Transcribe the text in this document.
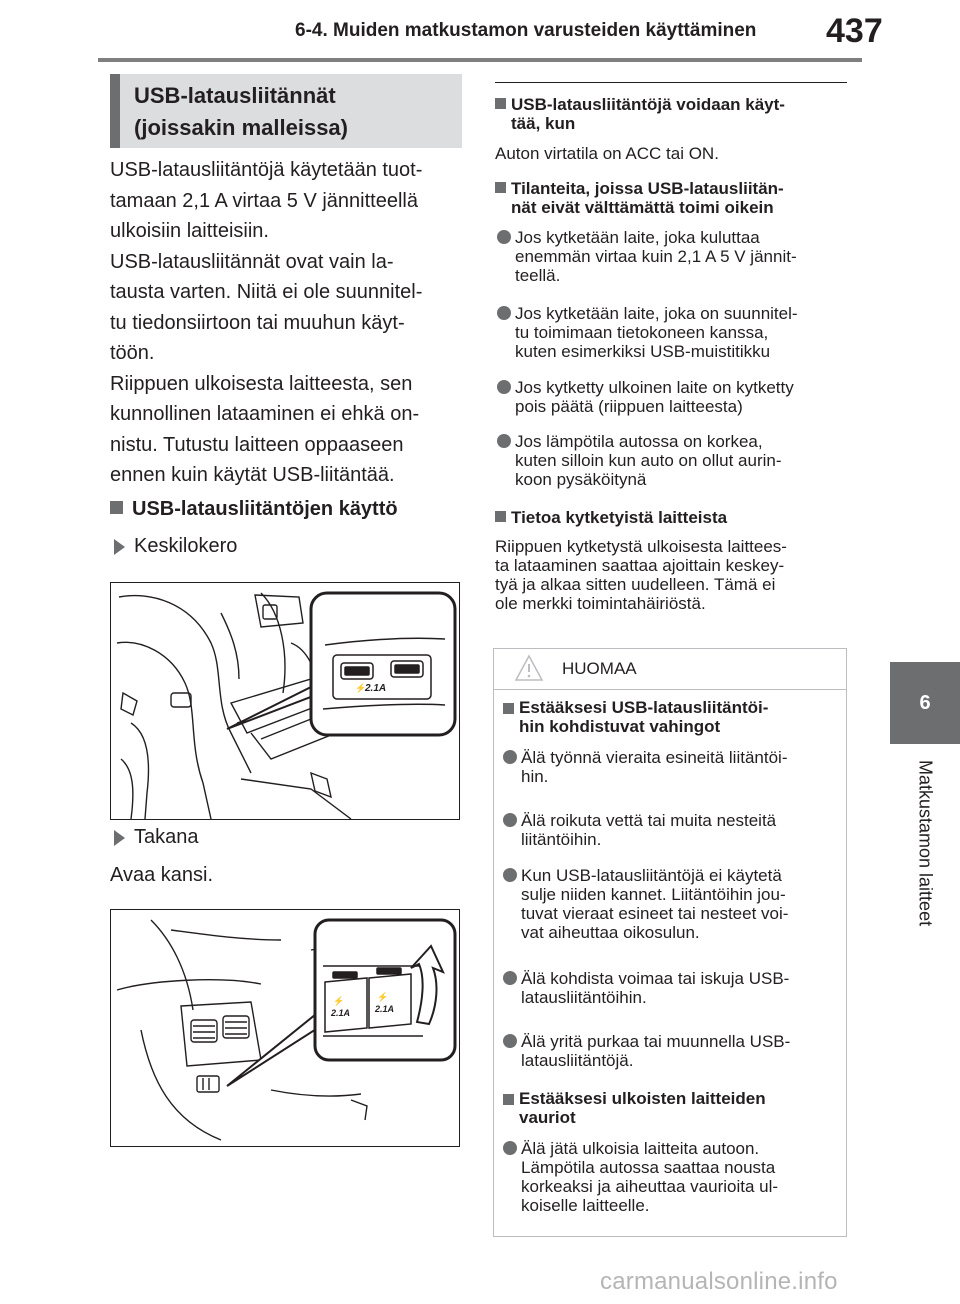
6-4. Muiden matkustamon varusteiden käyttäminen 437
6
Matkustamon laitteet
USB-latausliitännät
(joissakin malleissa)
USB-latausliitäntöjä käytetään tuot-
tamaan 2,1 A virtaa 5 V jännitteellä
ulkoisiin laitteisiin.
USB-latausliitännät ovat vain la-
tausta varten. Niitä ei ole suunnitel-
tu tiedonsiirtoon tai muuhun käyt-
töön.
Riippuen ulkoisesta laitteesta, sen
kunnollinen lataaminen ei ehkä on-
nistu. Tutustu laitteen oppaaseen
ennen kuin käytät USB-liitäntää.
USB-latausliitäntöjen käyttö
Keskilokero
⚡
2.1A
Takana
Avaa kansi.
⚡	⚡
2.1A	2.1A
USB-latausliitäntöjä voidaan käyt-
tää, kun
Auton virtatila on ACC tai ON.
Tilanteita, joissa USB-latausliitän-
nät eivät välttämättä toimi oikein
Jos kytketään laite, joka kuluttaa
enemmän virtaa kuin 2,1 A 5 V jännit-
teellä.
Jos kytketään laite, joka on suunnitel-
tu toimimaan tietokoneen kanssa,
kuten esimerkiksi USB-muistitikku
Jos kytketty ulkoinen laite on kytketty
pois päätä (riippuen laitteesta)
Jos lämpötila autossa on korkea,
kuten silloin kun auto on ollut aurin-
koon pysäköitynä
Tietoa kytketyistä laitteista
Riippuen kytketystä ulkoisesta laittees-
ta lataaminen saattaa ajoittain keskey-
tyä ja alkaa sitten uudelleen. Tämä ei
ole merkki toimintahäiriöstä.
HUOMAA
Estääksesi USB-latausliitäntöi-
hin kohdistuvat vahingot
Älä työnnä vieraita esineitä liitäntöi-
hin.
Älä roikuta vettä tai muita nesteitä
liitäntöihin.
Kun USB-latausliitäntöjä ei käytetä
sulje niiden kannet. Liitäntöihin jou-
tuvat vieraat esineet tai nesteet voi-
vat aiheuttaa oikosulun.
Älä kohdista voimaa tai iskuja USB-
latausliitäntöihin.
Älä yritä purkaa tai muunnella USB-
latausliitäntöjä.
Estääksesi ulkoisten laitteiden
vauriot
Älä jätä ulkoisia laitteita autoon.
Lämpötila autossa saattaa nousta
korkeaksi ja aiheuttaa vaurioita ul-
koiselle laitteelle.
carmanualsonline.info
